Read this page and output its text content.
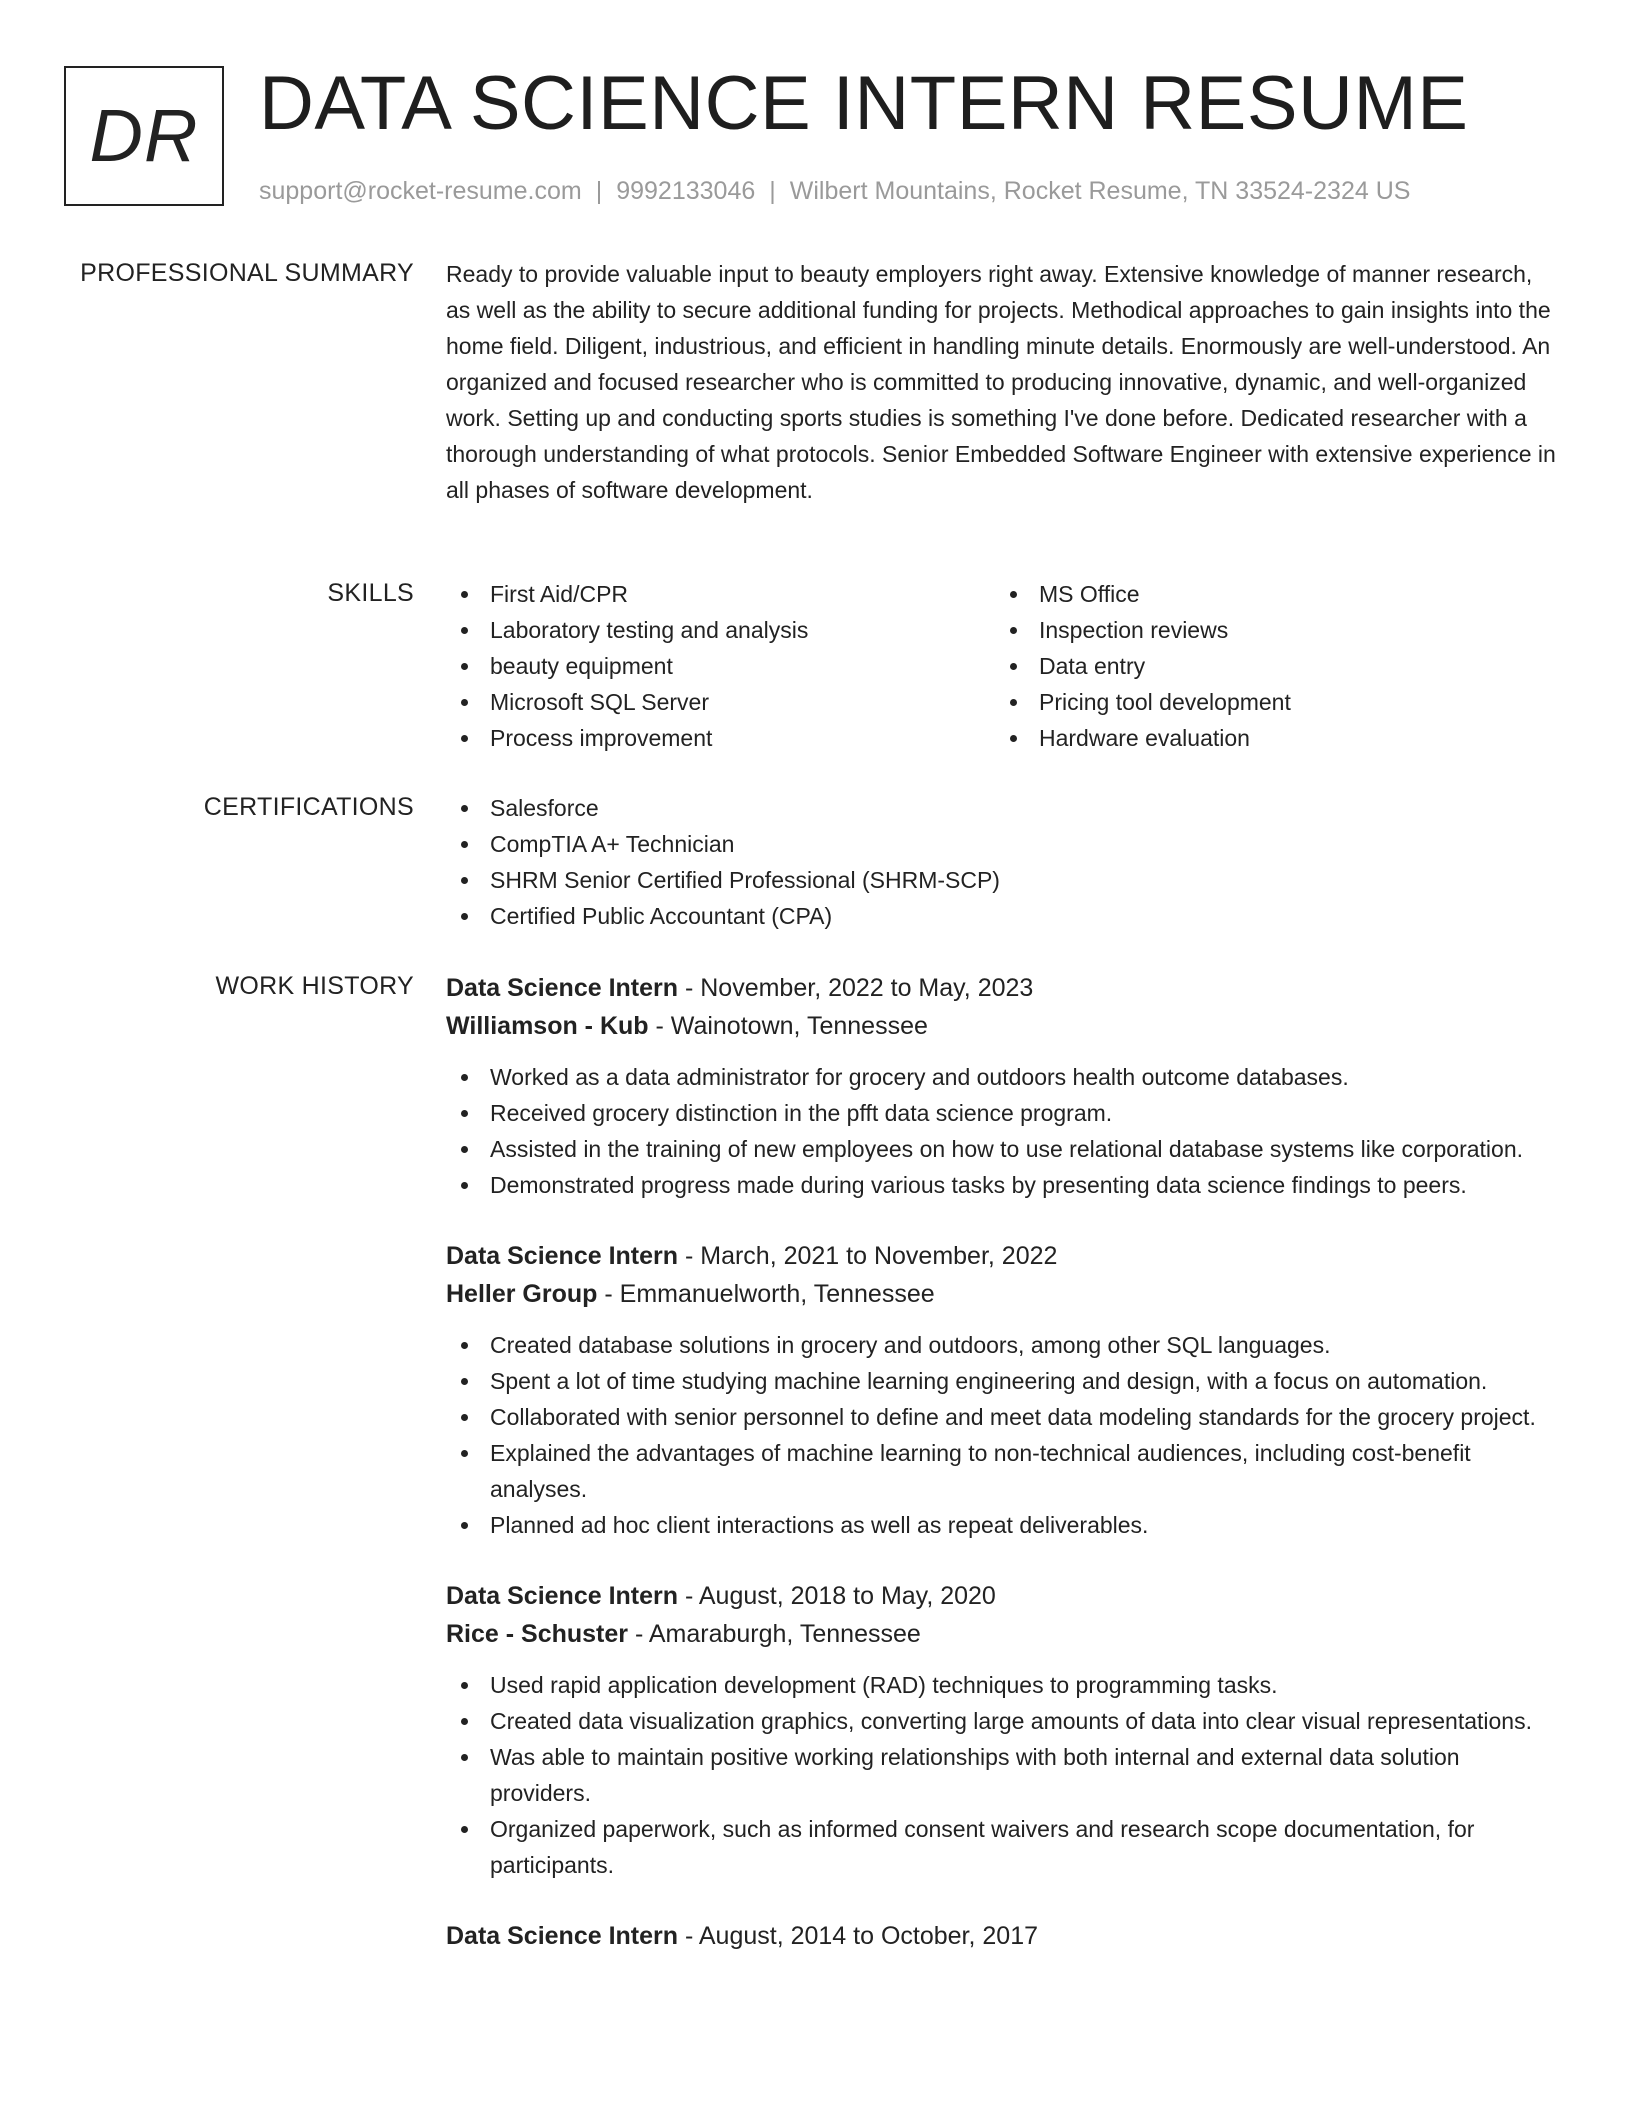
DR DATA SCIENCE INTERN RESUME
support@rocket-resume.com | 9992133046 | Wilbert Mountains, Rocket Resume, TN 33524-2324 US
PROFESSIONAL SUMMARY Ready to provide valuable input to beauty employers right away. Extensive knowledge of manner research, as well as the ability to secure additional funding for projects. Methodical approaches to gain insights into the home field. Diligent, industrious, and efficient in handling minute details. Enormously are well-understood. An organized and focused researcher who is committed to producing innovative, dynamic, and well-organized work. Setting up and conducting sports studies is something I've done before. Dedicated researcher with a thorough understanding of what protocols. Senior Embedded Software Engineer with extensive experience in all phases of software development.

SKILLS	First Aid/CPR
Laboratory testing and analysis
beauty equipment
Microsoft SQL Server
Process improvement
MS Office
Inspection reviews
Data entry
Pricing tool development
Hardware evaluation
CERTIFICATIONS	Salesforce
CompTIA A+ Technician
SHRM Senior Certified Professional (SHRM-SCP)
Certified Public Accountant (CPA)
WORK HISTORY Data Science Intern - November, 2022 to May, 2023
Williamson - Kub - Wainotown, Tennessee
Worked as a data administrator for grocery and outdoors health outcome databases.
Received grocery distinction in the pfft data science program.
Assisted in the training of new employees on how to use relational database systems like corporation.
Demonstrated progress made during various tasks by presenting data science findings to peers.
Data Science Intern - March, 2021 to November, 2022
Heller Group - Emmanuelworth, Tennessee
Created database solutions in grocery and outdoors, among other SQL languages.
Spent a lot of time studying machine learning engineering and design, with a focus on automation.
Collaborated with senior personnel to define and meet data modeling standards for the grocery project.
Explained the advantages of machine learning to non-technical audiences, including cost-benefit analyses.
Planned ad hoc client interactions as well as repeat deliverables.
Data Science Intern - August, 2018 to May, 2020
Rice - Schuster - Amaraburgh, Tennessee
Used rapid application development (RAD) techniques to programming tasks.
Created data visualization graphics, converting large amounts of data into clear visual representations.
Was able to maintain positive working relationships with both internal and external data solution providers.
Organized paperwork, such as informed consent waivers and research scope documentation, for participants.
Data Science Intern - August, 2014 to October, 2017
